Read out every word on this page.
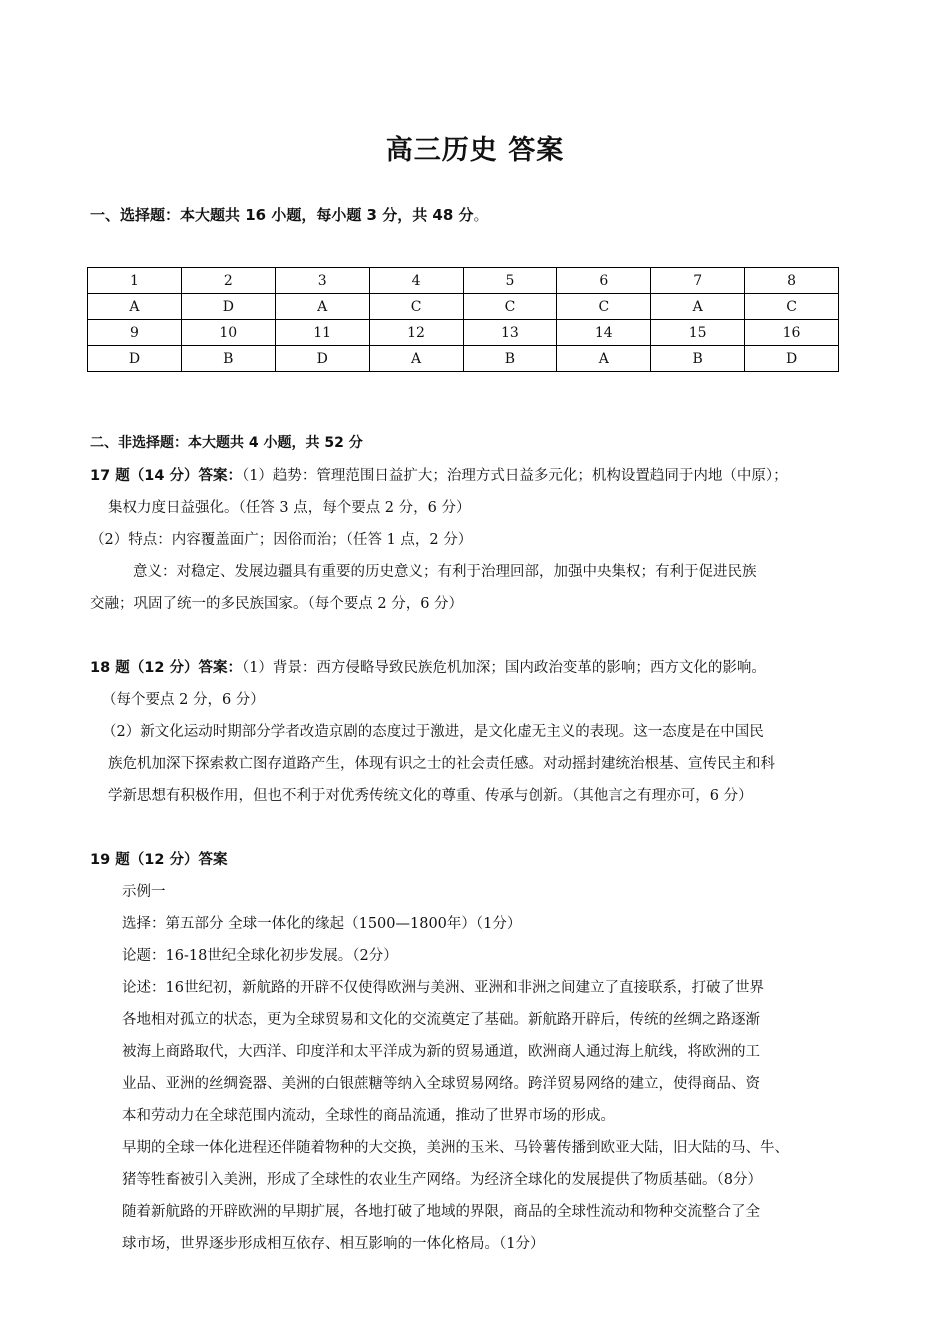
高三历史 答案
一、选择题：本大题共 16 小题，每小题 3 分，共 48 分。
1	2	3	4	5	6	7	8
A	D	A	C	C	C	A	C
9	10	11	12	13	14	15	16
D	B	D	A	B	A	B	D
二、非选择题：本大题共 4 小题，共 52 分
17 题（14 分）答案：（1）趋势：管理范围日益扩大；治理方式日益多元化；机构设置趋同于内地（中原）；
集权力度日益强化。（任答 3 点，每个要点 2 分，6 分）
（2）特点：内容覆盖面广；因俗而治；（任答 1 点，2 分）
意义：对稳定、发展边疆具有重要的历史意义；有利于治理回部，加强中央集权；有利于促进民族
交融；巩固了统一的多民族国家。（每个要点 2 分，6 分）
18 题（12 分）答案：（1）背景：西方侵略导致民族危机加深；国内政治变革的影响；西方文化的影响。
（每个要点 2 分，6 分）
（2）新文化运动时期部分学者改造京剧的态度过于激进，是文化虚无主义的表现。这一态度是在中国民
族危机加深下探索救亡图存道路产生，体现有识之士的社会责任感。对动摇封建统治根基、宣传民主和科
学新思想有积极作用，但也不利于对优秀传统文化的尊重、传承与创新。（其他言之有理亦可，6 分）
19 题（12 分）答案
示例一
选择：第五部分 全球一体化的缘起（1500—1800年）（1分）
论题：16-18世纪全球化初步发展。（2分）
论述：16世纪初，新航路的开辟不仅使得欧洲与美洲、亚洲和非洲之间建立了直接联系，打破了世界
各地相对孤立的状态，更为全球贸易和文化的交流奠定了基础。新航路开辟后，传统的丝绸之路逐渐
被海上商路取代，大西洋、印度洋和太平洋成为新的贸易通道，欧洲商人通过海上航线，将欧洲的工
业品、亚洲的丝绸瓷器、美洲的白银蔗糖等纳入全球贸易网络。跨洋贸易网络的建立，使得商品、资
本和劳动力在全球范围内流动，全球性的商品流通，推动了世界市场的形成。
早期的全球一体化进程还伴随着物种的大交换，美洲的玉米、马铃薯传播到欧亚大陆，旧大陆的马、牛、
猪等牲畜被引入美洲，形成了全球性的农业生产网络。为经济全球化的发展提供了物质基础。（8分）
随着新航路的开辟欧洲的早期扩展，各地打破了地域的界限，商品的全球性流动和物种交流整合了全
球市场，世界逐步形成相互依存、相互影响的一体化格局。（1分）
